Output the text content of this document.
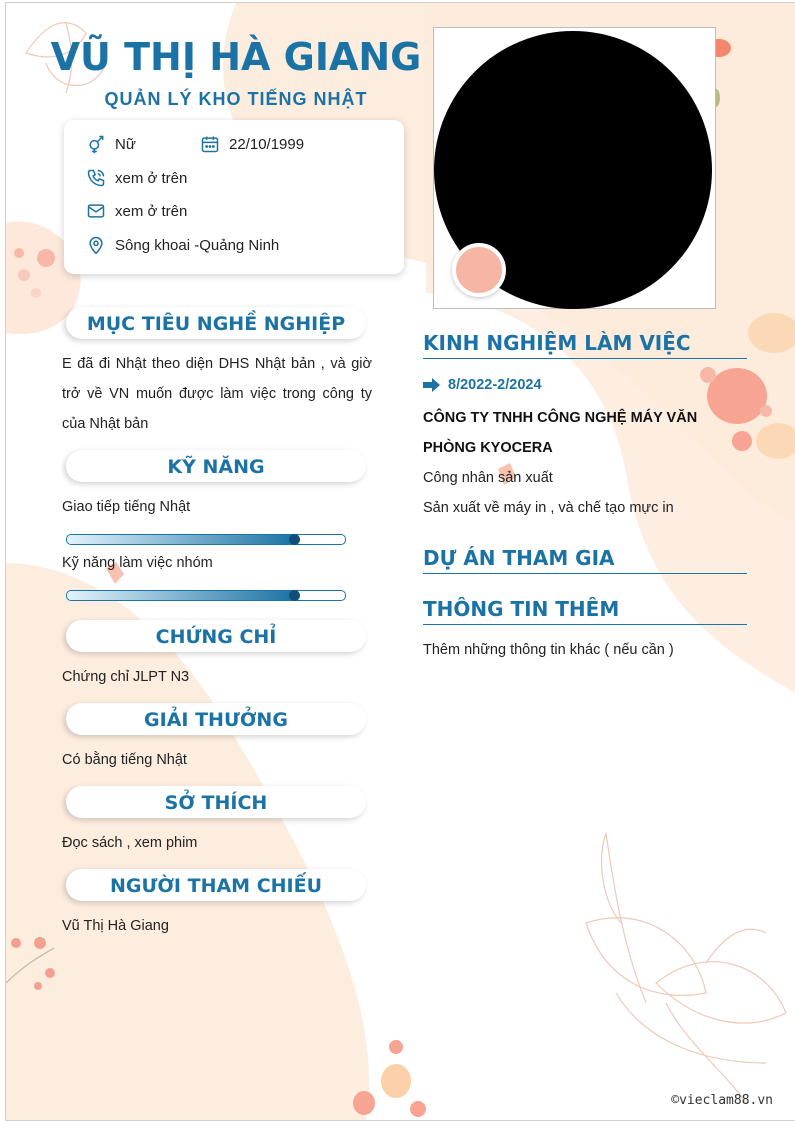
VŨ THỊ HÀ GIANG
QUẢN LÝ KHO TIẾNG NHẬT
Nữ	22/10/1999
xem ở trên
xem ở trên
Sông khoai -Quảng Ninh
MỤC TIÊU NGHỀ NGHIỆP
E đã đi Nhật theo diện DHS Nhật bản , và giờ trở về VN muốn được làm việc trong công ty của Nhật bản
KỸ NĂNG
Giao tiếp tiếng Nhật
Kỹ năng làm việc nhóm
CHỨNG CHỈ
Chứng chỉ JLPT N3
GIẢI THƯỞNG
Có bằng tiếng Nhật
SỞ THÍCH
Đọc sách , xem phim
NGƯỜI THAM CHIẾU
Vũ Thị Hà Giang
KINH NGHIỆM LÀM VIỆC
8/2022-2/2024
CÔNG TY TNHH CÔNG NGHỆ MÁY VĂN PHÒNG KYOCERA
Công nhân sản xuất
Sản xuất về máy in , và chế tạo mực in
DỰ ÁN THAM GIA
THÔNG TIN THÊM
Thêm những thông tin khác ( nếu cần )
©vieclam88.vn
